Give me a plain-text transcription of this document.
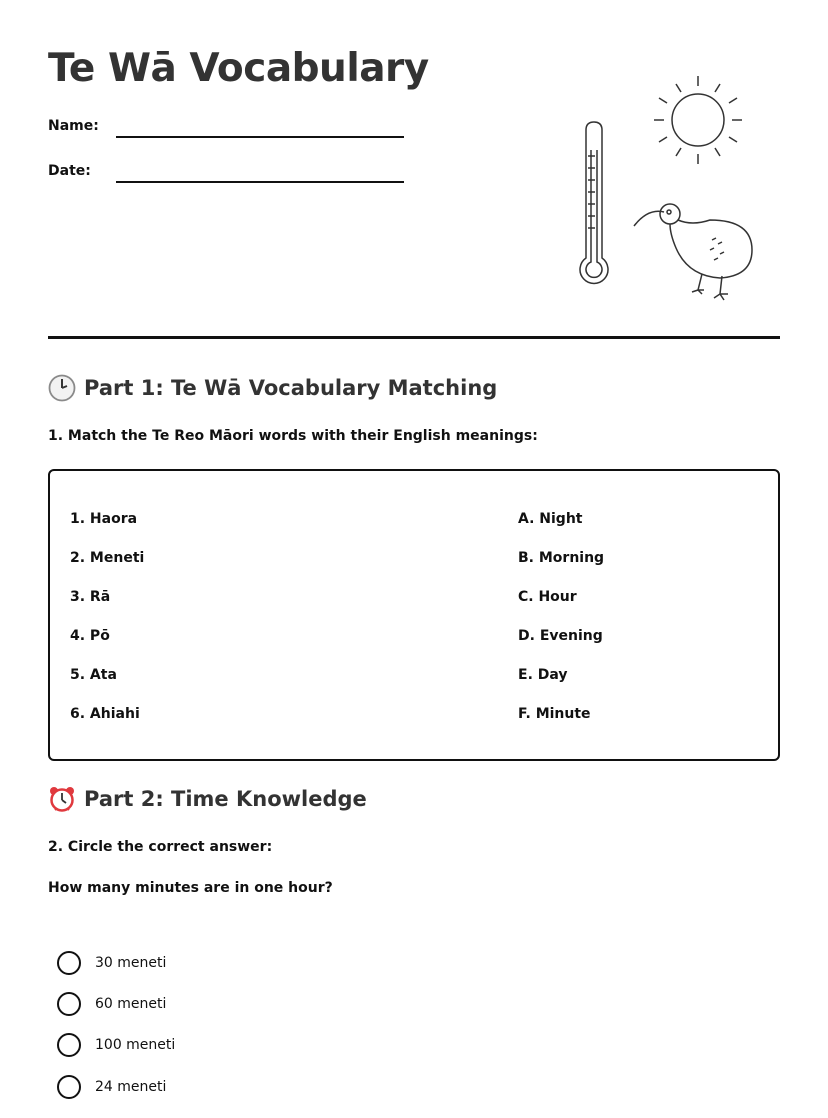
Te Wā Vocabulary
Name:
Date:
Part 1: Te Wā Vocabulary Matching
1. Match the Te Reo Māori words with their English meanings:
1. Haora
2. Meneti
3. Rā
4. Pō
5. Ata
6. Ahiahi
A. Night
B. Morning
C. Hour
D. Evening
E. Day
F. Minute
Part 2: Time Knowledge
2. Circle the correct answer:
How many minutes are in one hour?
30 meneti
60 meneti
100 meneti
24 meneti
